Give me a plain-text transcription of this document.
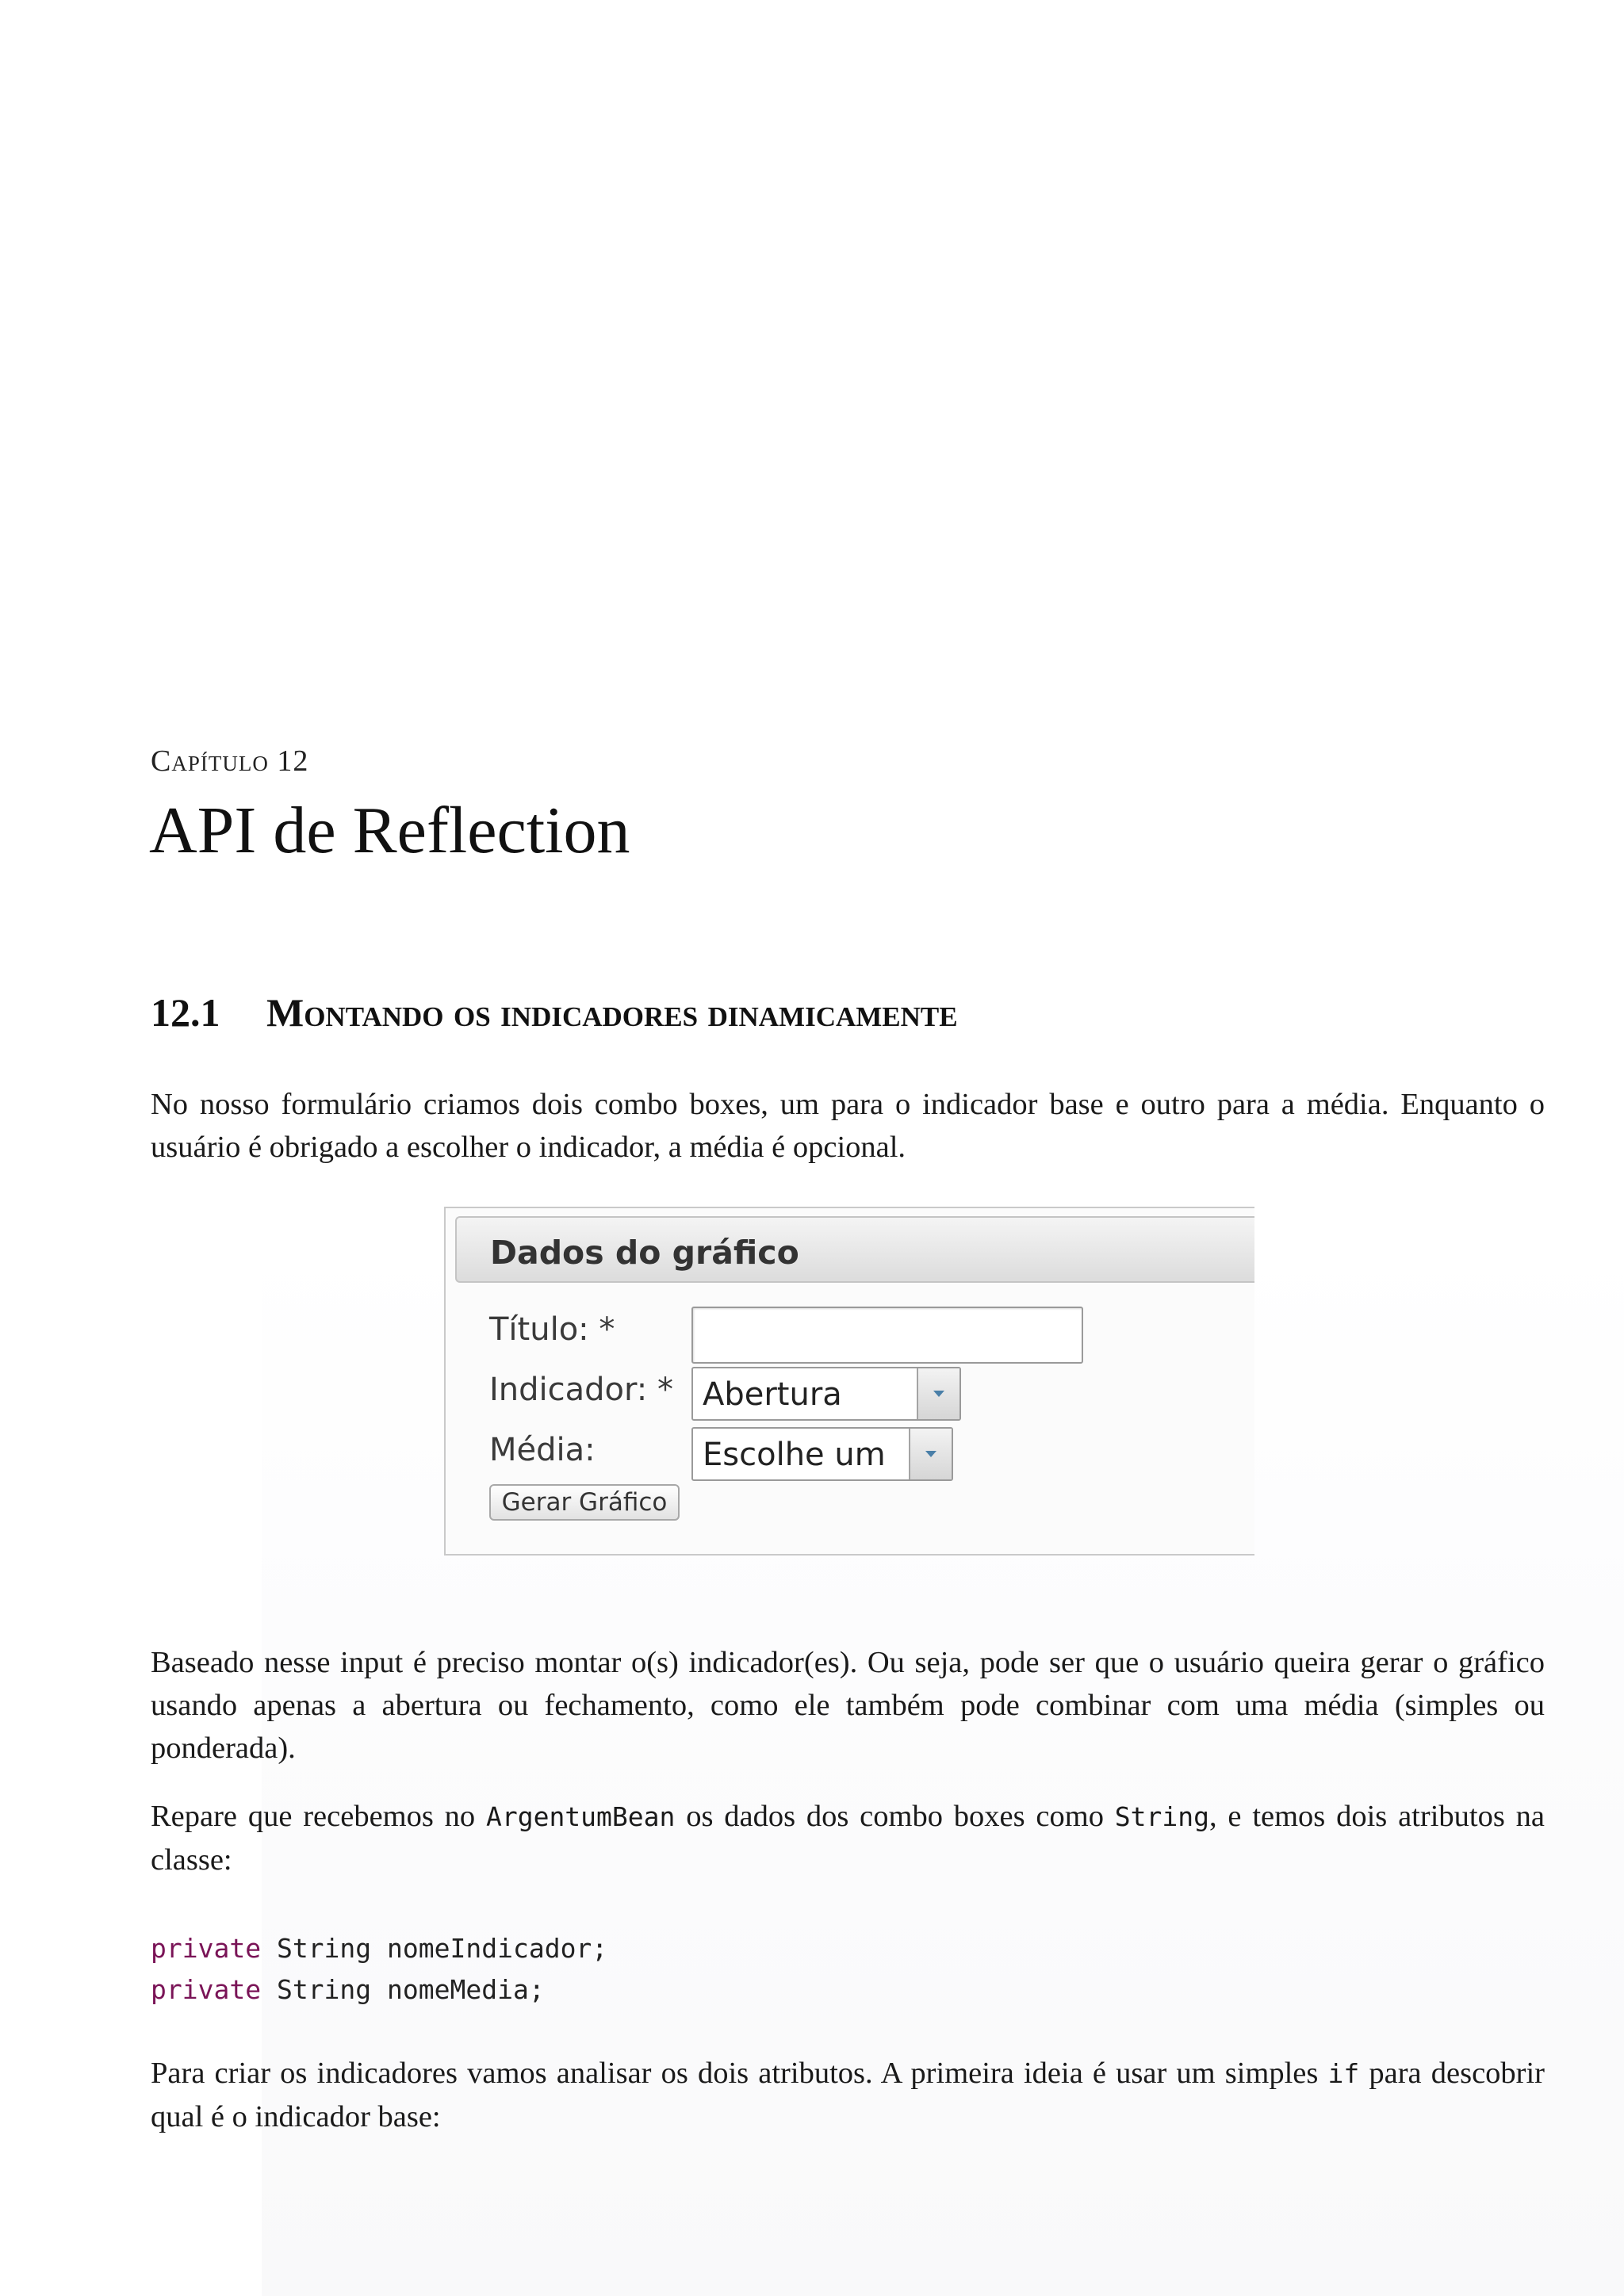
Capítulo 12
API de Reflection
12.1 Montando os indicadores dinamicamente
No nosso formulário criamos dois combo boxes, um para o indicador base e outro para a média. Enquanto o usuário é obrigado a escolher o indicador, a média é opcional.
Dados do gráfico
Título: *
Indicador: * Abertura
Média:	Escolhe um
Gerar Gráfico
Baseado nesse input é preciso montar o(s) indicador(es). Ou seja, pode ser que o usuário queira gerar o gráfico usando apenas a abertura ou fechamento, como ele também pode combinar com uma média (simples ou ponderada).
Repare que recebemos no ArgentumBean os dados dos combo boxes como String, e temos dois atributos na classe:
private String nomeIndicador;
private String nomeMedia;
Para criar os indicadores vamos analisar os dois atributos. A primeira ideia é usar um simples if para descobrir qual é o indicador base:
